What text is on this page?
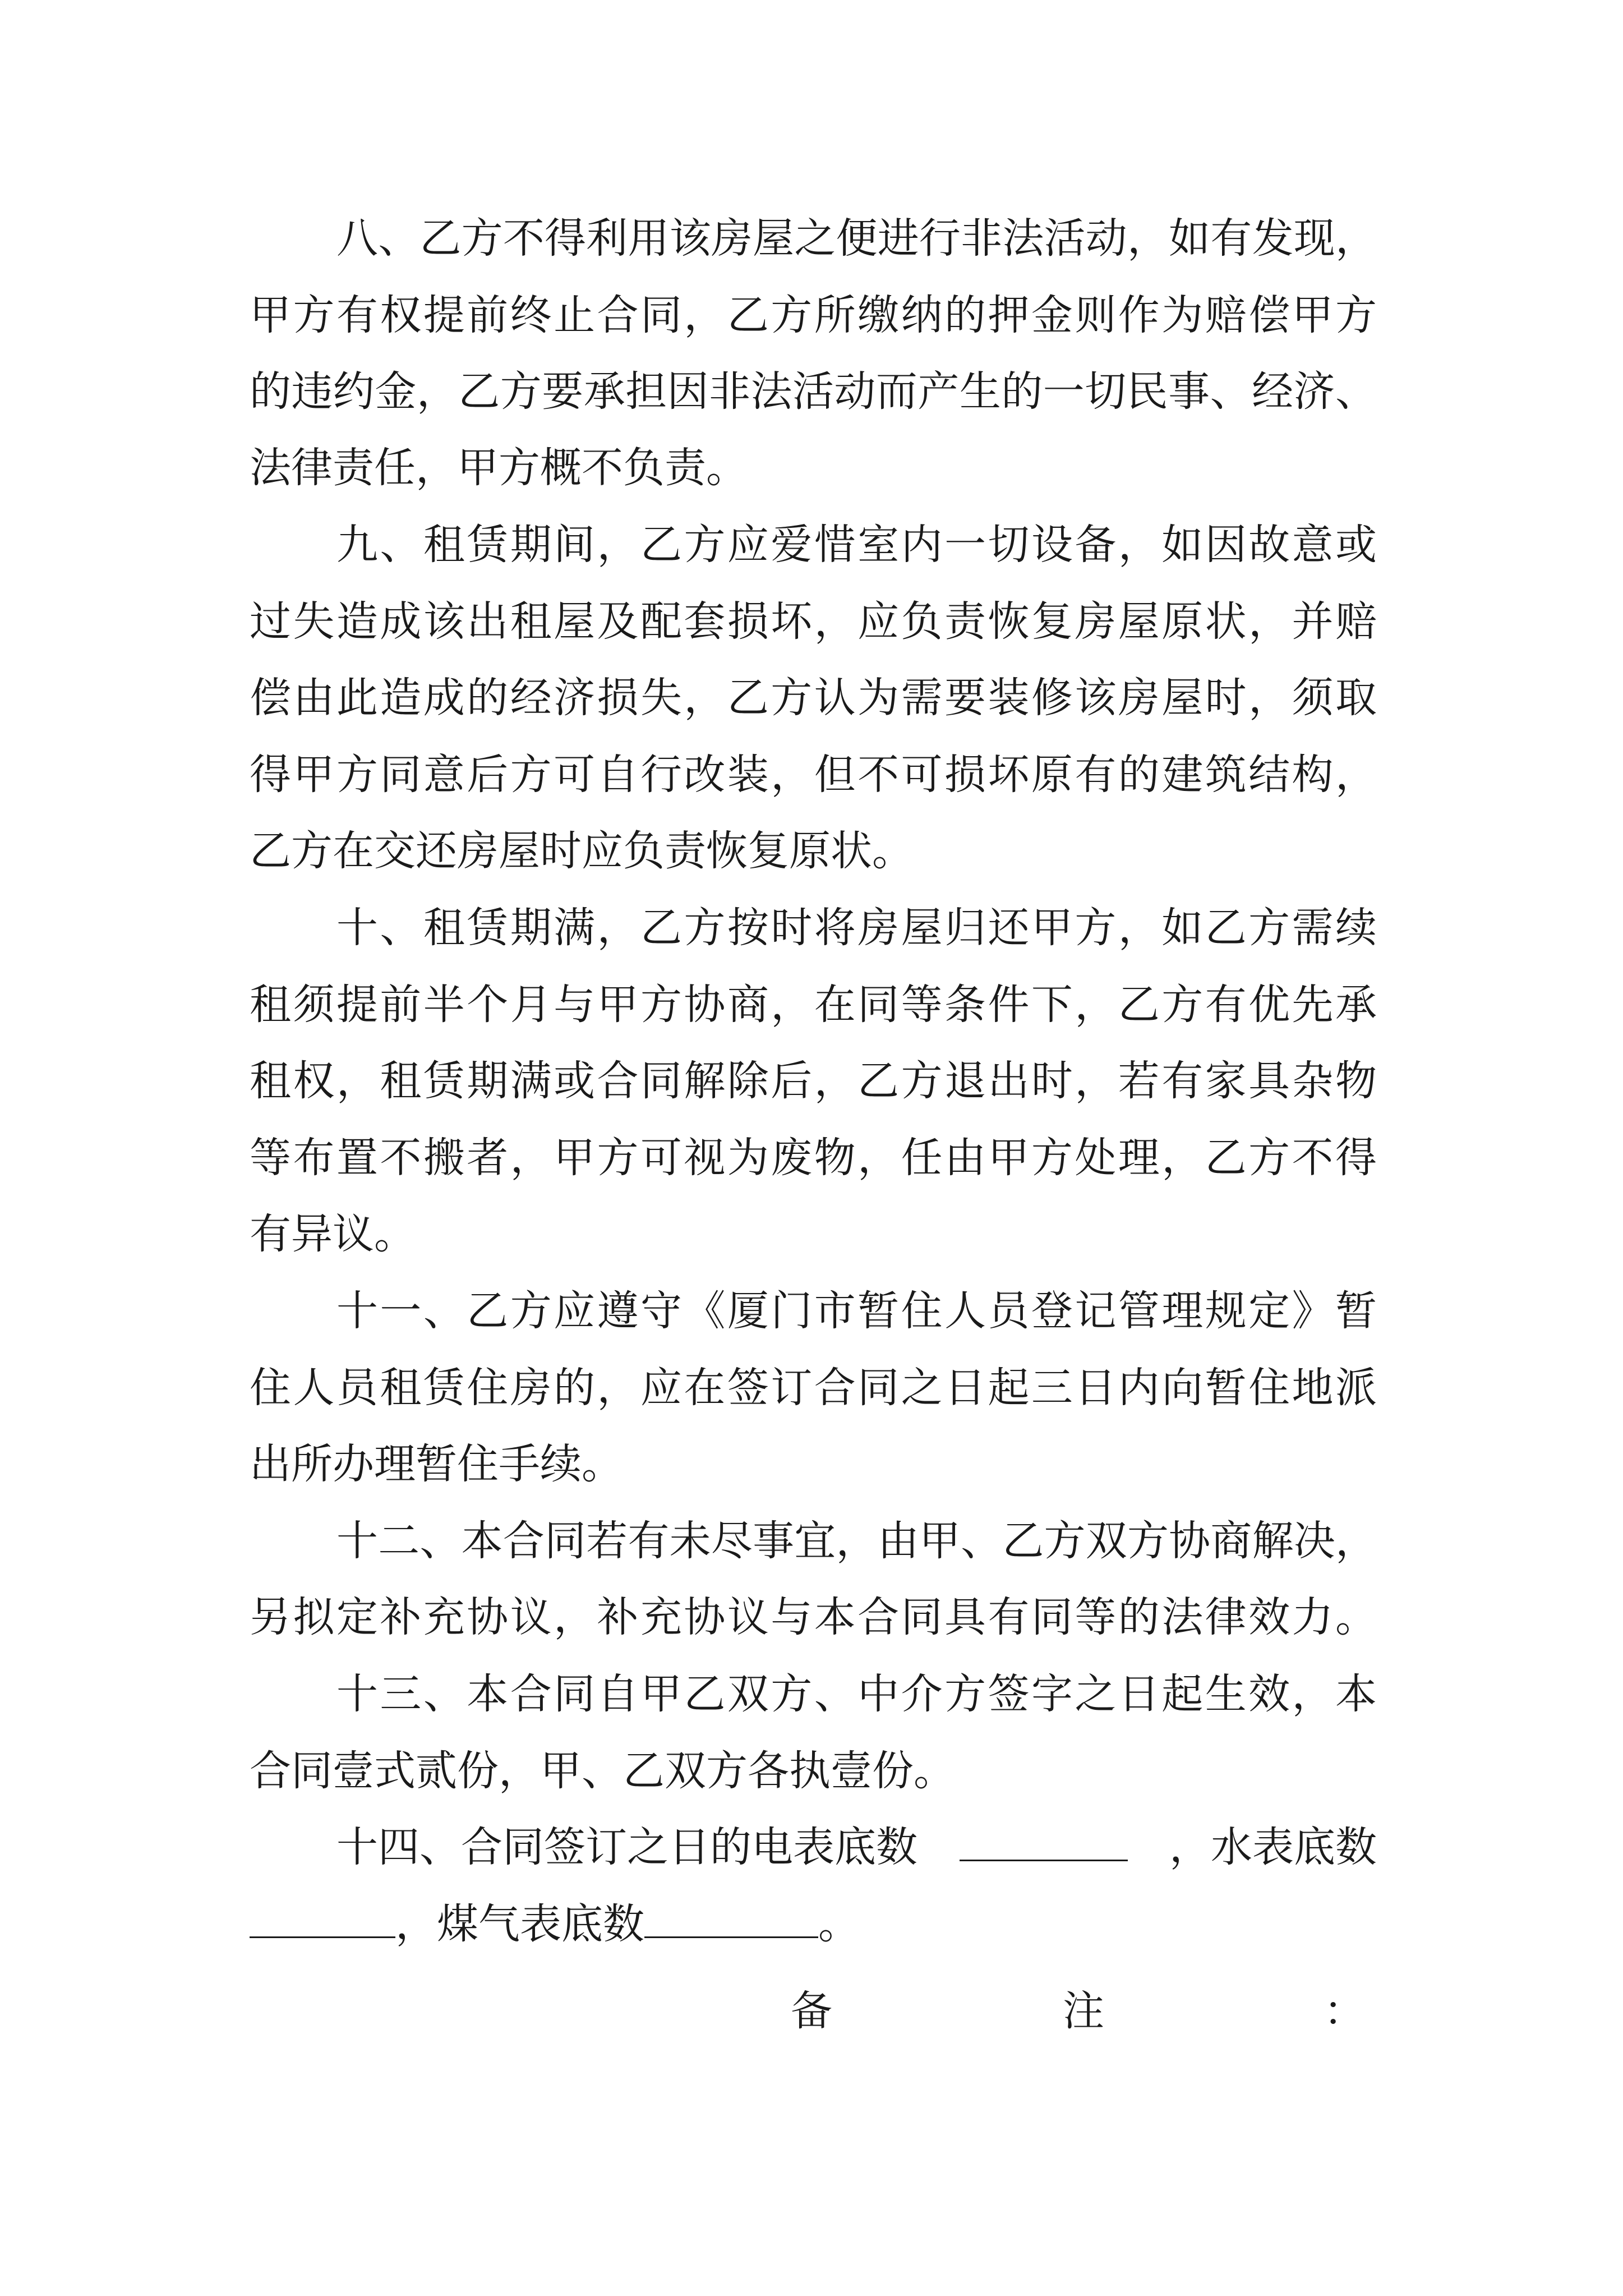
八、乙方不得利用该房屋之便进行非法活动，如有发现，
甲方有权提前终止合同，乙方所缴纳的押金则作为赔偿甲方
的违约金，乙方要承担因非法活动而产生的一切民事、经济、
法律责任，甲方概不负责。
九、租赁期间，乙方应爱惜室内一切设备，如因故意或
过失造成该出租屋及配套损坏，应负责恢复房屋原状，并赔
偿由此造成的经济损失，乙方认为需要装修该房屋时，须取
得甲方同意后方可自行改装，但不可损坏原有的建筑结构，
乙方在交还房屋时应负责恢复原状。
十、租赁期满，乙方按时将房屋归还甲方，如乙方需续
租须提前半个月与甲方协商，在同等条件下，乙方有优先承
租权，租赁期满或合同解除后，乙方退出时，若有家具杂物
等布置不搬者，甲方可视为废物，任由甲方处理，乙方不得
有异议。
十一、乙方应遵守《厦门市暂住人员登记管理规定》暂
住人员租赁住房的，应在签订合同之日起三日内向暂住地派
出所办理暂住手续。
十二、本合同若有未尽事宜，由甲、乙方双方协商解决，
另拟定补充协议，补充协议与本合同具有同等的法律效力。
十三、本合同自甲乙双方、中介方签字之日起生效，本
合同壹式贰份，甲、乙双方各执壹份。
十四、合同签订之日的电表底数	，水表底数
，煤气表底数	。
备	注	：
